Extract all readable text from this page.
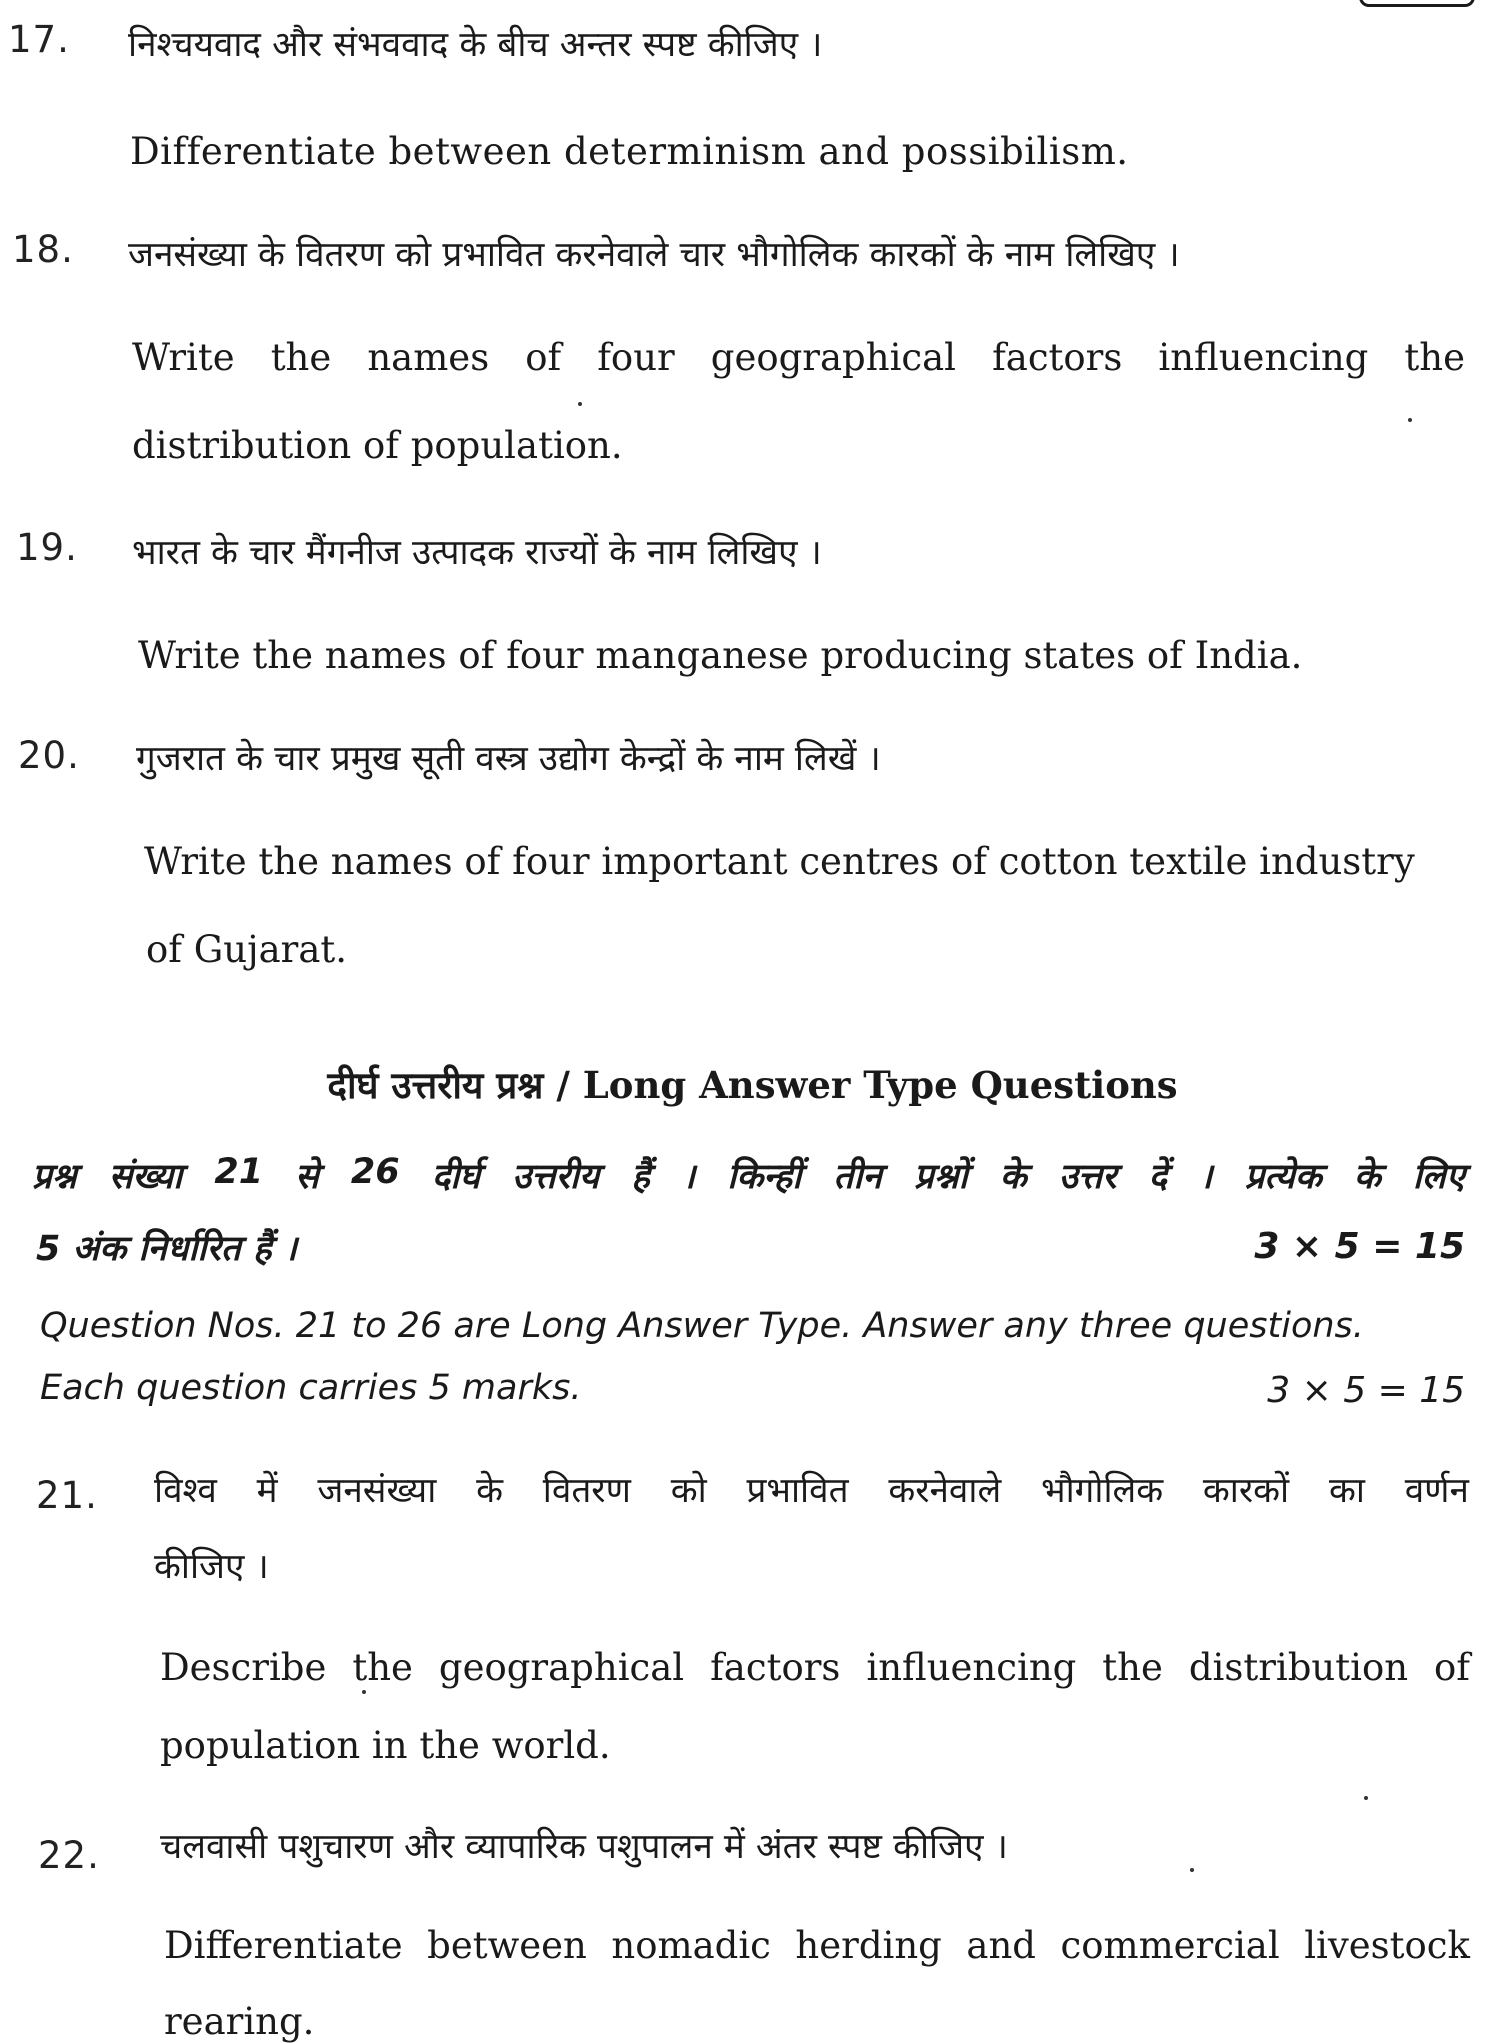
17. निश्चयवाद और संभववाद के बीच अन्तर स्पष्ट कीजिए ।
Differentiate between determinism and possibilism.
18. जनसंख्या के वितरण को प्रभावित करनेवाले चार भौगोलिक कारकों के नाम लिखिए ।
Write the names of four geographical factors influencing the
distribution of population.
19. भारत के चार मैंगनीज उत्पादक राज्यों के नाम लिखिए ।
Write the names of four manganese producing states of India.
20. गुजरात के चार प्रमुख सूती वस्त्र उद्योग केन्द्रों के नाम लिखें ।
Write the names of four important centres of cotton textile industry
of Gujarat.
दीर्घ उत्तरीय प्रश्न / Long Answer Type Questions
प्रश्न संख्या 21 से 26 दीर्घ उत्तरीय हैं । किन्हीं तीन प्रश्नों के उत्तर दें । प्रत्येक के लिए
5 अंक निर्धारित हैं ।	3 × 5 = 15
Question Nos. 21 to 26 are Long Answer Type. Answer any three questions.
Each question carries 5 marks.	3 × 5 = 15
21. विश्व में जनसंख्या के वितरण को प्रभावित करनेवाले भौगोलिक कारकों का वर्णन
कीजिए ।
Describe the geographical factors influencing the distribution of
population in the world.
22. चलवासी पशुचारण और व्यापारिक पशुपालन में अंतर स्पष्ट कीजिए ।
Differentiate between nomadic herding and commercial livestock
rearing.
